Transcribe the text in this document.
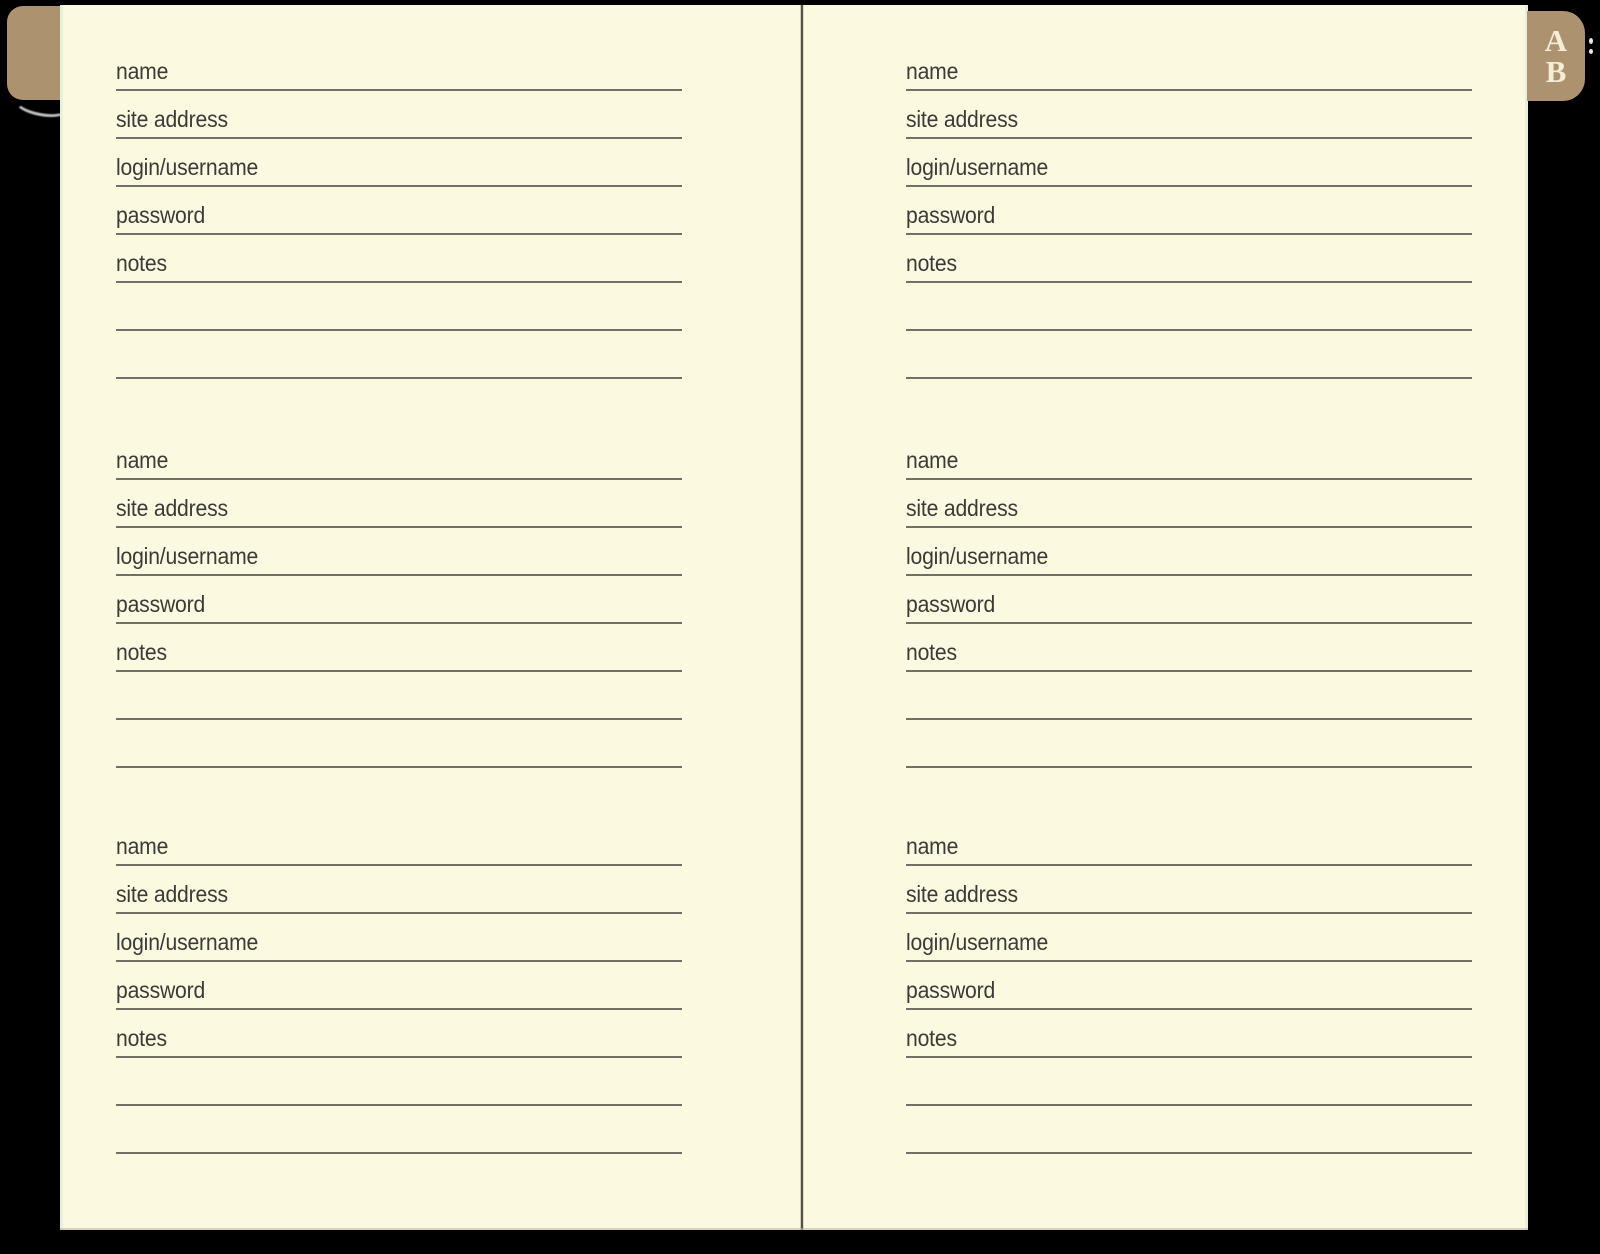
name
site address
login/username
password
notes
name
site address
login/username
password
notes
name
site address
login/username
password
notes
name
site address
login/username
password
notes
name
site address
login/username
password
notes
name
site address
login/username
password
notes
A
B
